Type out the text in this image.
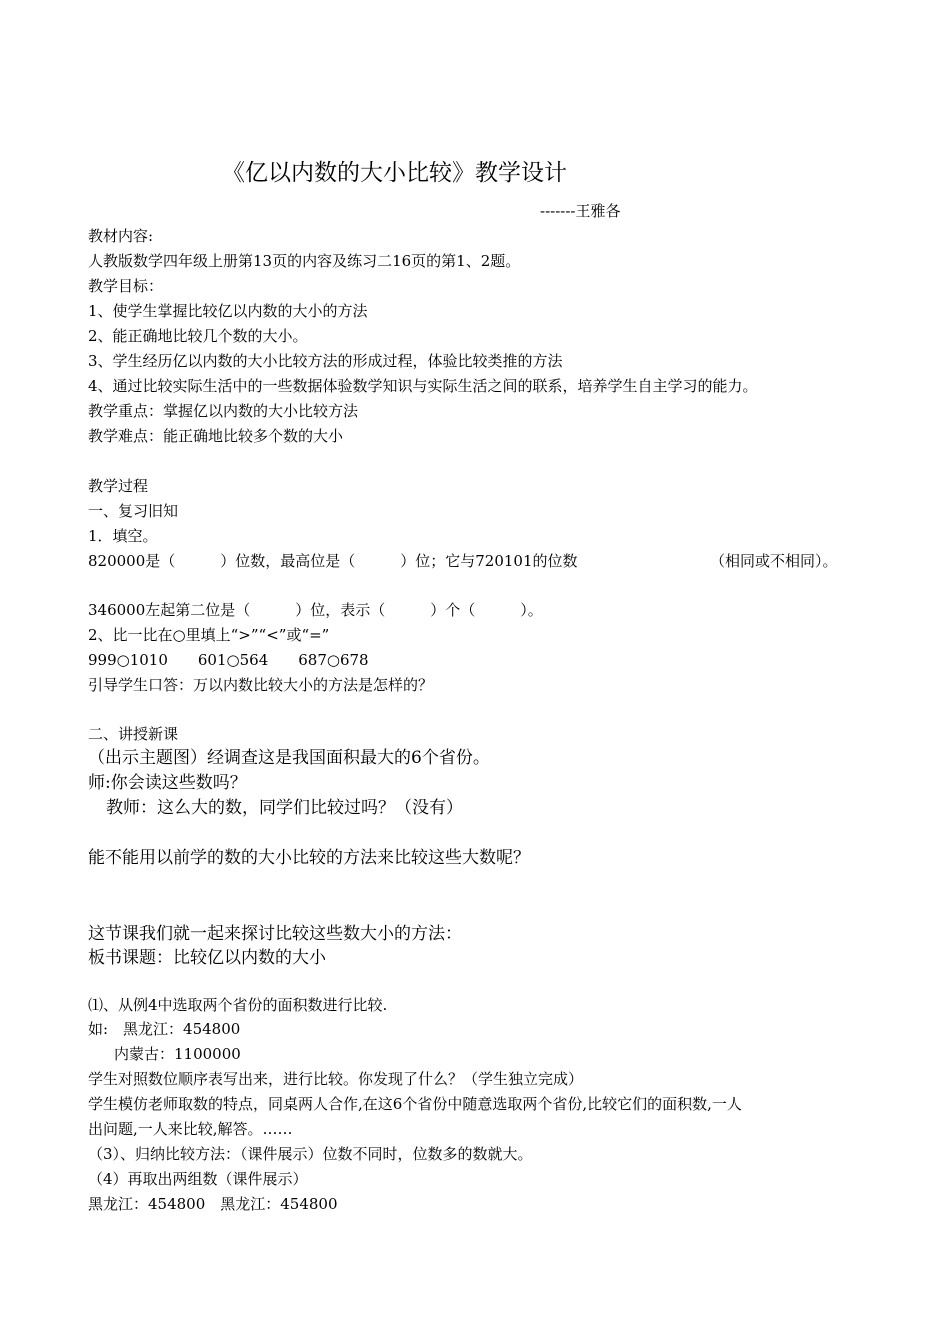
《亿以内数的大小比较》教学设计
-------王雅各
教材内容:
人教版数学四年级上册第13页的内容及练习二16页的第1、2题。
教学目标：
1、使学生掌握比较亿以内数的大小的方法
2、能正确地比较几个数的大小。
3、学生经历亿以内数的大小比较方法的形成过程，体验比较类推的方法
4、通过比较实际生活中的一些数据体验数学知识与实际生活之间的联系，培养学生自主学习的能力。
教学重点：掌握亿以内数的大小比较方法
教学难点：能正确地比较多个数的大小
教学过程
一、复习旧知
1．填空。
820000是（　　　）位数，最高位是（　　　）位；它与720101的位数	（相同或不相同）。
346000左起第二位是（　　　）位，表示（　　　）个（　　　）。
2、比一比在○里填上“>”“<”或“=”
999○1010　　601○564　　687○678
引导学生口答：万以内数比较大小的方法是怎样的？
二、讲授新课
（出示主题图）经调查这是我国面积最大的6个省份。
师:你会读这些数吗？
教师：这么大的数，同学们比较过吗？（没有）
能不能用以前学的数的大小比较的方法来比较这些大数呢？
这节课我们就一起来探讨比较这些数大小的方法：
板书课题：比较亿以内数的大小
⑴、从例4中选取两个省份的面积数进行比较.
如:　黑龙江：454800
内蒙古：1100000
学生对照数位顺序表写出来，进行比较。你发现了什么？（学生独立完成）
学生模仿老师取数的特点，同桌两人合作,在这6个省份中随意选取两个省份,比较它们的面积数,一人
出问题,一人来比较,解答。……
（3）、归纳比较方法：（课件展示）位数不同时，位数多的数就大。
（4）再取出两组数（课件展示）
黑龙江：454800　黑龙江：454800
